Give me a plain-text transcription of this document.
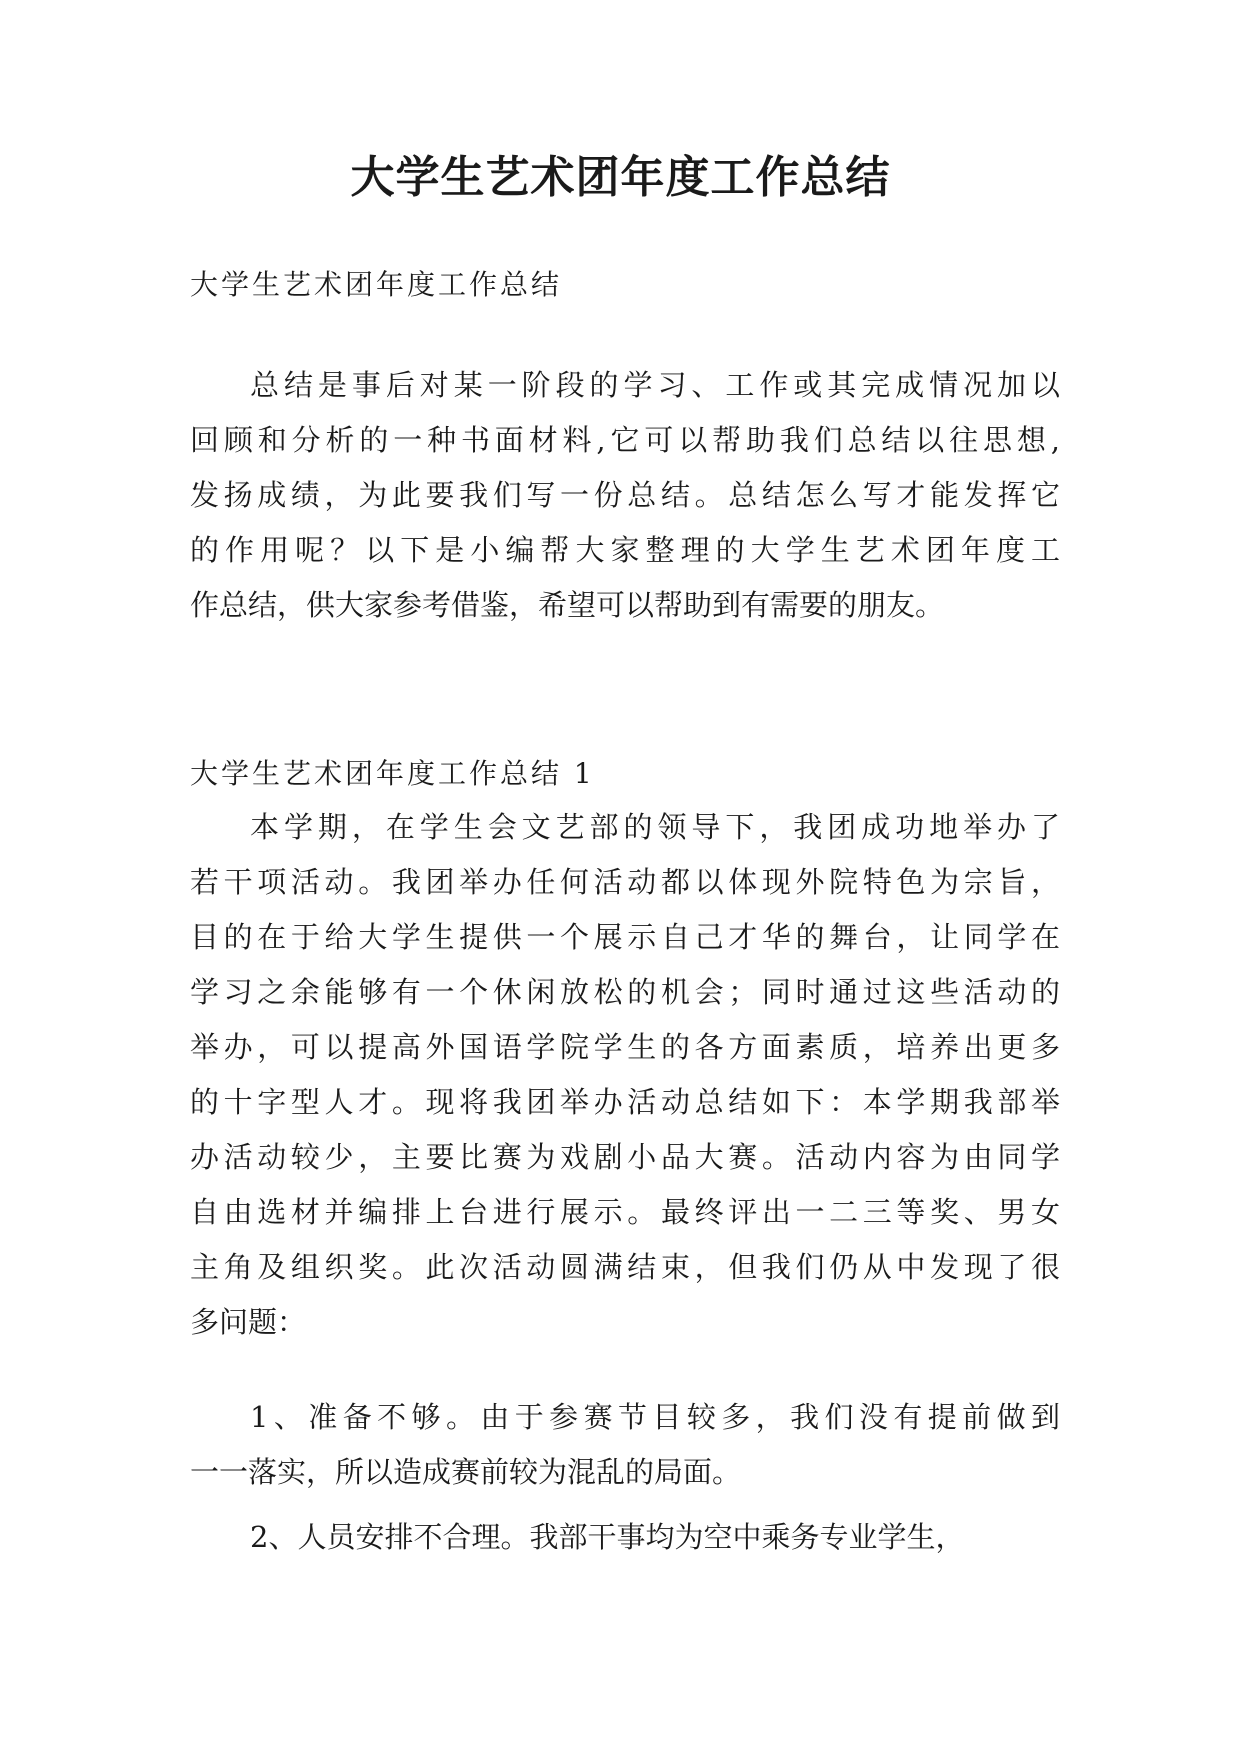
大学生艺术团年度工作总结

大学生艺术团年度工作总结

总结是事后对某一阶段的学习、工作或其完成情况加以
回顾和分析的一种书面材料,它可以帮助我们总结以往思想,
发扬成绩，为此要我们写一份总结。总结怎么写才能发挥它
的作用呢？以下是小编帮大家整理的大学生艺术团年度工
作总结，供大家参考借鉴，希望可以帮助到有需要的朋友。

大学生艺术团年度工作总结 1

本学期，在学生会文艺部的领导下，我团成功地举办了
若干项活动。我团举办任何活动都以体现外院特色为宗旨，
目的在于给大学生提供一个展示自己才华的舞台，让同学在
学习之余能够有一个休闲放松的机会；同时通过这些活动的
举办，可以提高外国语学院学生的各方面素质，培养出更多
的十字型人才。现将我团举办活动总结如下：本学期我部举
办活动较少，主要比赛为戏剧小品大赛。活动内容为由同学
自由选材并编排上台进行展示。最终评出一二三等奖、男女
主角及组织奖。此次活动圆满结束，但我们仍从中发现了很
多问题：
1、准备不够。由于参赛节目较多，我们没有提前做到
一一落实，所以造成赛前较为混乱的局面。
2、人员安排不合理。我部干事均为空中乘务专业学生，
